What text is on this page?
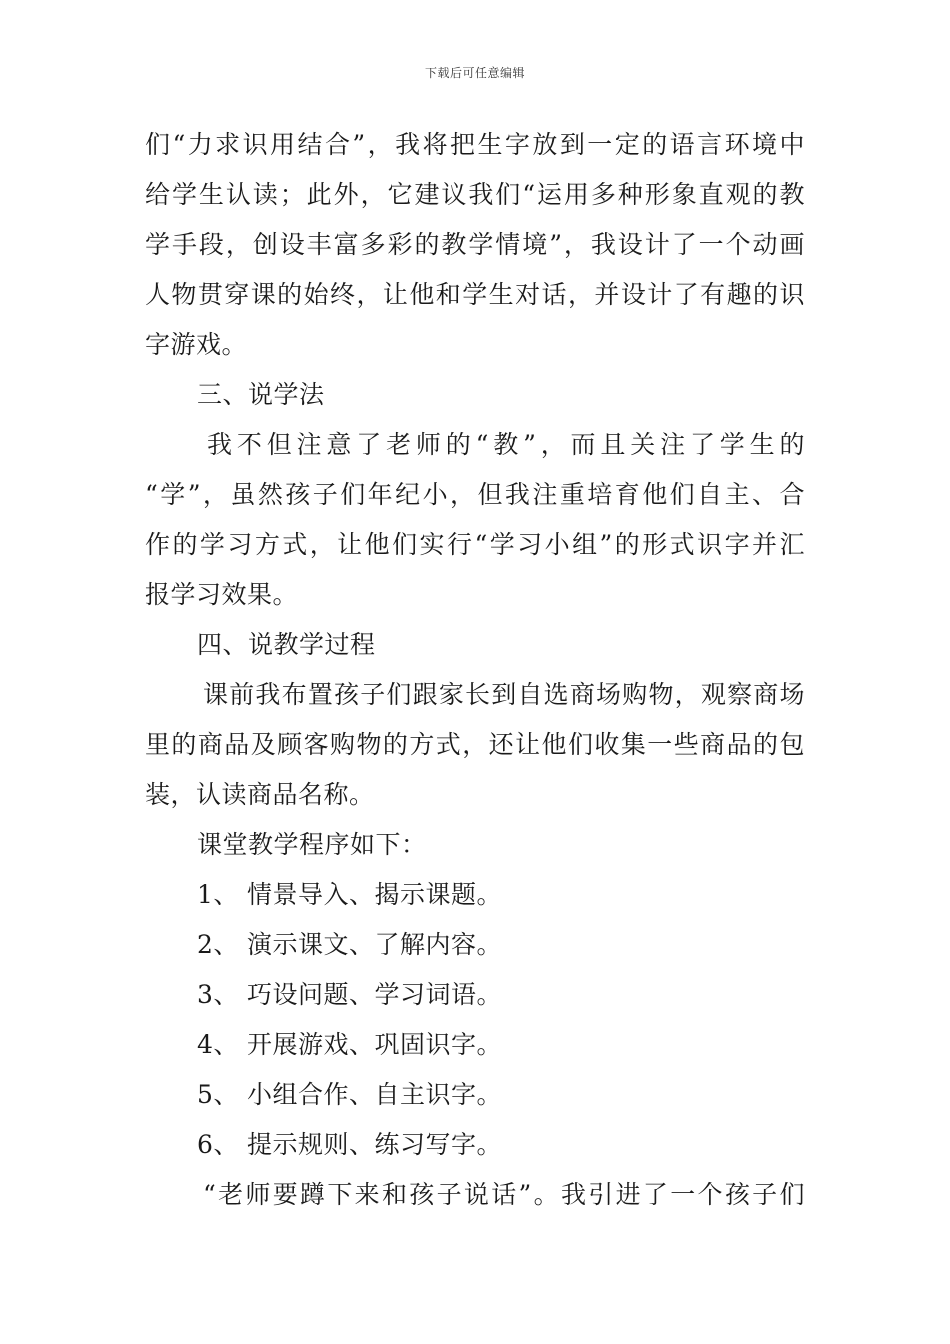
下载后可任意编辑
们“力求识用结合”，我将把生字放到一定的语言环境中
给学生认读；此外，它建议我们“运用多种形象直观的教
学手段，创设丰富多彩的教学情境”，我设计了一个动画
人物贯穿课的始终，让他和学生对话，并设计了有趣的识
字游戏。
三、说学法
我不但注意了老师的“教”，而且关注了学生的
“学”，虽然孩子们年纪小，但我注重培育他们自主、合
作的学习方式，让他们实行“学习小组”的形式识字并汇
报学习效果。
四、说教学过程
课前我布置孩子们跟家长到自选商场购物，观察商场
里的商品及顾客购物的方式，还让他们收集一些商品的包
装，认读商品名称。
课堂教学程序如下：
1、 情景导入、揭示课题。
2、 演示课文、了解内容。
3、 巧设问题、学习词语。
4、 开展游戏、巩固识字。
5、 小组合作、自主识字。
6、 提示规则、练习写字。
“老师要蹲下来和孩子说话”。我引进了一个孩子们
